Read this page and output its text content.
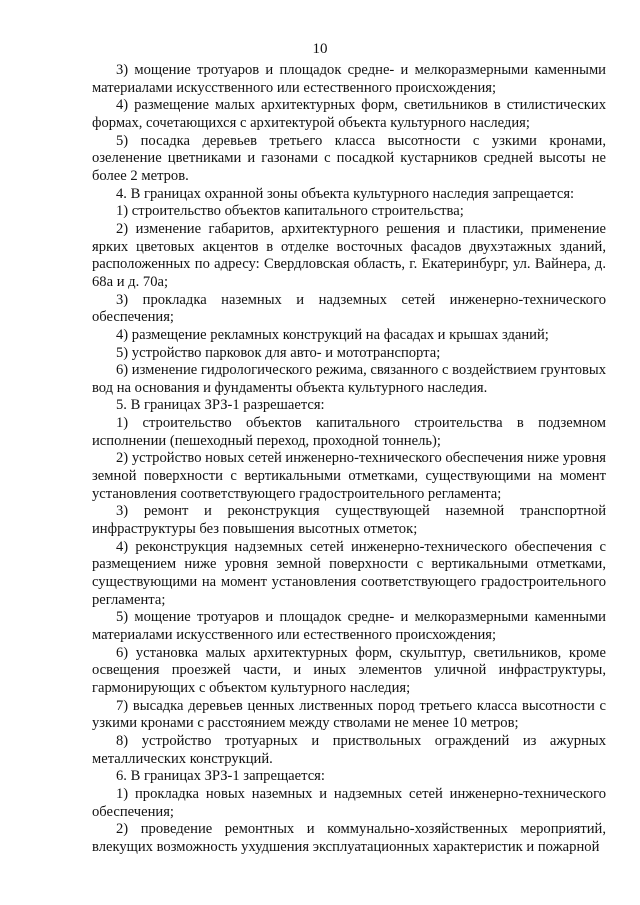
10

3) мощение тротуаров и площадок средне- и мелкоразмерными каменными материалами искусственного или естественного происхождения;

4) размещение малых архитектурных форм, светильников в стилистических формах, сочетающихся с архитектурой объекта культурного наследия;

5) посадка деревьев третьего класса высотности с узкими кронами, озеленение цветниками и газонами с посадкой кустарников средней высоты не более 2 метров.

4. В границах охранной зоны объекта культурного наследия запрещается:

1) строительство объектов капитального строительства;

2) изменение габаритов, архитектурного решения и пластики, применение ярких цветовых акцентов в отделке восточных фасадов двухэтажных зданий, расположенных по адресу: Свердловская область, г. Екатеринбург, ул. Вайнера, д. 68а и д. 70а;

3) прокладка наземных и надземных сетей инженерно-технического обеспечения;

4) размещение рекламных конструкций на фасадах и крышах зданий;

5) устройство парковок для авто- и мототранспорта;

6) изменение гидрологического режима, связанного с воздействием грунтовых вод на основания и фундаменты объекта культурного наследия.

5. В границах ЗРЗ-1 разрешается:

1) строительство объектов капитального строительства в подземном исполнении (пешеходный переход, проходной тоннель);

2) устройство новых сетей инженерно-технического обеспечения ниже уровня земной поверхности с вертикальными отметками, существующими на момент установления соответствующего градостроительного регламента;

3) ремонт и реконструкция существующей наземной транспортной инфраструктуры без повышения высотных отметок;

4) реконструкция надземных сетей инженерно-технического обеспечения с размещением ниже уровня земной поверхности с вертикальными отметками, существующими на момент установления соответствующего градостроительного регламента;

5) мощение тротуаров и площадок средне- и мелкоразмерными каменными материалами искусственного или естественного происхождения;

6) установка малых архитектурных форм, скульптур, светильников, кроме освещения проезжей части, и иных элементов уличной инфраструктуры, гармонирующих с объектом культурного наследия;

7) высадка деревьев ценных лиственных пород третьего класса высотности с узкими кронами с расстоянием между стволами не менее 10 метров;

8) устройство тротуарных и приствольных ограждений из ажурных металлических конструкций.

6. В границах ЗРЗ-1 запрещается:

1) прокладка новых наземных и надземных сетей инженерно-технического обеспечения;

2) проведение ремонтных и коммунально-хозяйственных мероприятий, влекущих возможность ухудшения эксплуатационных характеристик и пожарной
